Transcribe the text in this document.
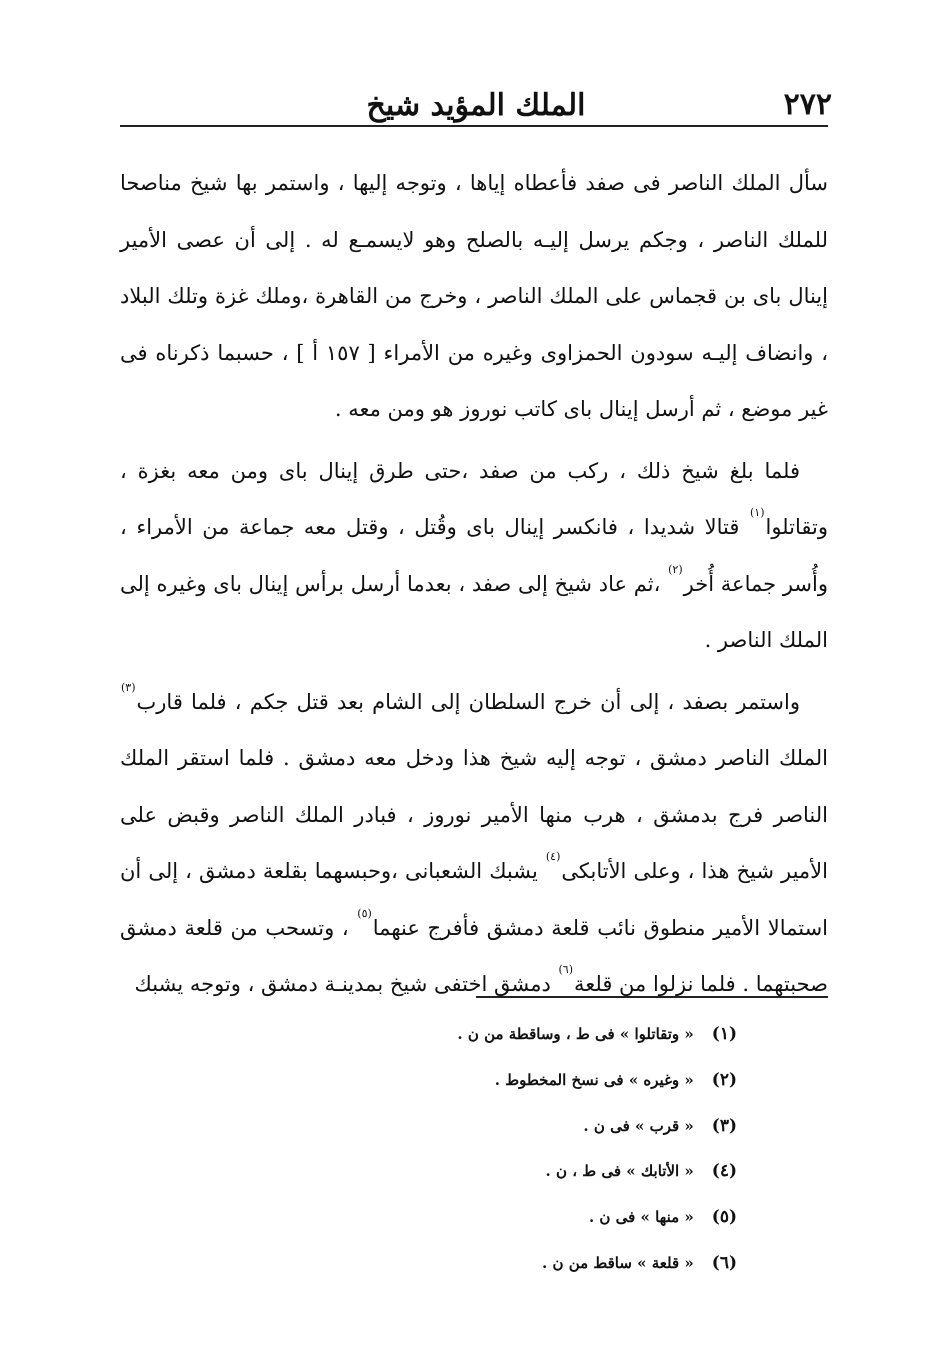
الملك المؤيد شيخ	٢٧٢

سأل الملك الناصر فى صفد فأعطاه إياها ، وتوجه إليها ، واستمر بها شيخ مناصحا للملك الناصر ، وجكم يرسل إليـه بالصلح وهو لايسمـع له . إلى أن عصى الأمير إينال باى بن قجماس على الملك الناصر ، وخرج من القاهرة ،وملك غزة وتلك البلاد ، وانضاف إليـه سودون الحمزاوى وغيره من الأمراء [ ١٥٧ أ ] ، حسبما ذكرناه فى غير موضع ، ثم أرسل إينال باى كاتب نوروز هو ومن معه .

فلما بلغ شيخ ذلك ، ركب من صفد ،حتى طرق إينال باى ومن معه بغزة ، وتقاتلوا$^{(١)}$ قتالا شديدا ، فانكسر إينال باى وقُتل ، وقتل معه جماعة من الأمراء ، وأُسر جماعة أُخر$^{(٢)}$ ،ثم عاد شيخ إلى صفد ، بعدما أرسل برأس إينال باى وغيره إلى الملك الناصر .

واستمر بصفد ، إلى أن خرج السلطان إلى الشام بعد قتل جكم ، فلما قارب$^{(٣)}$ الملك الناصر دمشق ، توجه إليه شيخ هذا ودخل معه دمشق . فلما استقر الملك الناصر فرج بدمشق ، هرب منها الأمير نوروز ، فبادر الملك الناصر وقبض على الأمير شيخ هذا ، وعلى الأتابكى$^{(٤)}$ يشبك الشعبانى ،وحبسهما بقلعة دمشق ، إلى أن استمالا الأمير منطوق نائب قلعة دمشق فأفرج عنهما$^{(٥)}$ ، وتسحب من قلعة دمشق صحبتهما . فلما نزلوا من قلعة$^{(٦)}$ دمشق اختفى شيخ بمدينـة دمشق ، وتوجه يشبك

(١) « وتقاتلوا » فى ط ، وساقطة من ن .
(٢) « وغيره » فى نسخ المخطوط .
(٣) « قرب » فى ن .
(٤) « الأتابك » فى ط ، ن .
(٥) « منها » فى ن .
(٦) « قلعة » ساقط من ن .
